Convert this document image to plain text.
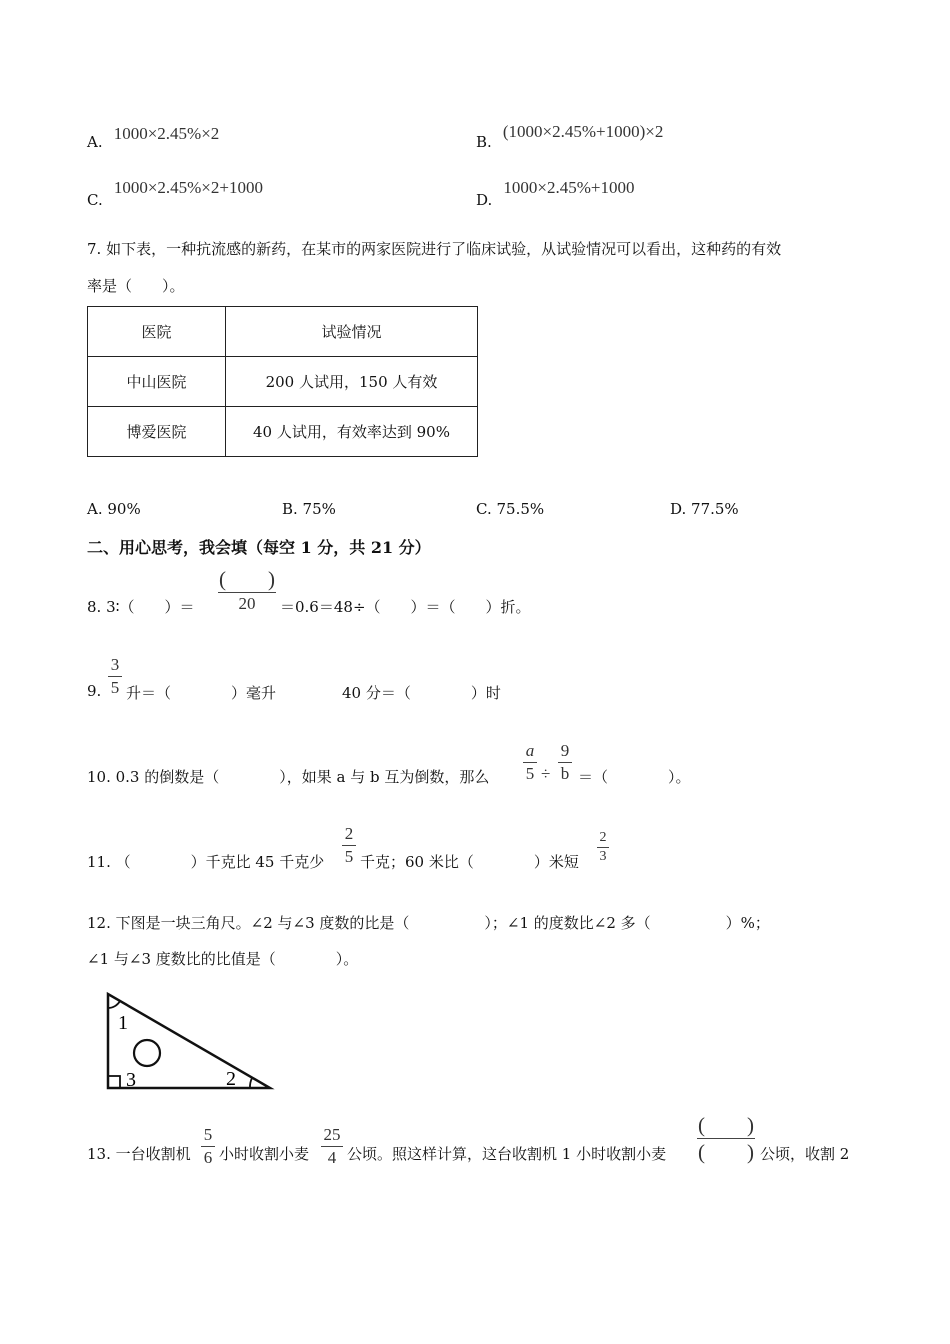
A. 1000×2.45%×2	B. (1000×2.45%+1000)×2
C. 1000×2.45%×2+1000
D. 1000×2.45%+1000
7. 如下表，一种抗流感的新药，在某市的两家医院进行了临床试验，从试验情况可以看出，这种药的有效
率是（　　）。
医院	试验情况
中山医院	200 人试用，150 人有效
博爱医院	40 人试用，有效率达到 90%
A. 90%	B. 75%	C. 75.5%	D. 77.5%
二、用心思考，我会填（每空 1 分，共 21 分）
8. 3∶（　　）＝
(　　)
20	＝0.6＝48÷（　　）＝（　　）折。
9.
3
5 升＝（　　　　）毫升	40 分＝（　　　　）时
10. 0.3 的倒数是（　　　　），如果 a 与 b 互为倒数，那么
a
5 ÷
9
b ＝（　　　　）。
11. （　　　　）千克比 45 千克少
2
5 千克；60 米比（　　　　）米短
2
3
12. 下图是一块三角尺。∠2 与∠3 度数的比是（　　　　　）；∠1 的度数比∠2 多（　　　　　）%；
∠1 与∠3 度数比的比值是（　　　　）。
1
2
3
13. 一台收割机
5
6 小时收割小麦
25
4 公顷。照这样计算，这台收割机 1 小时收割小麦
(　　)
(　　) 公顷，收割 2
